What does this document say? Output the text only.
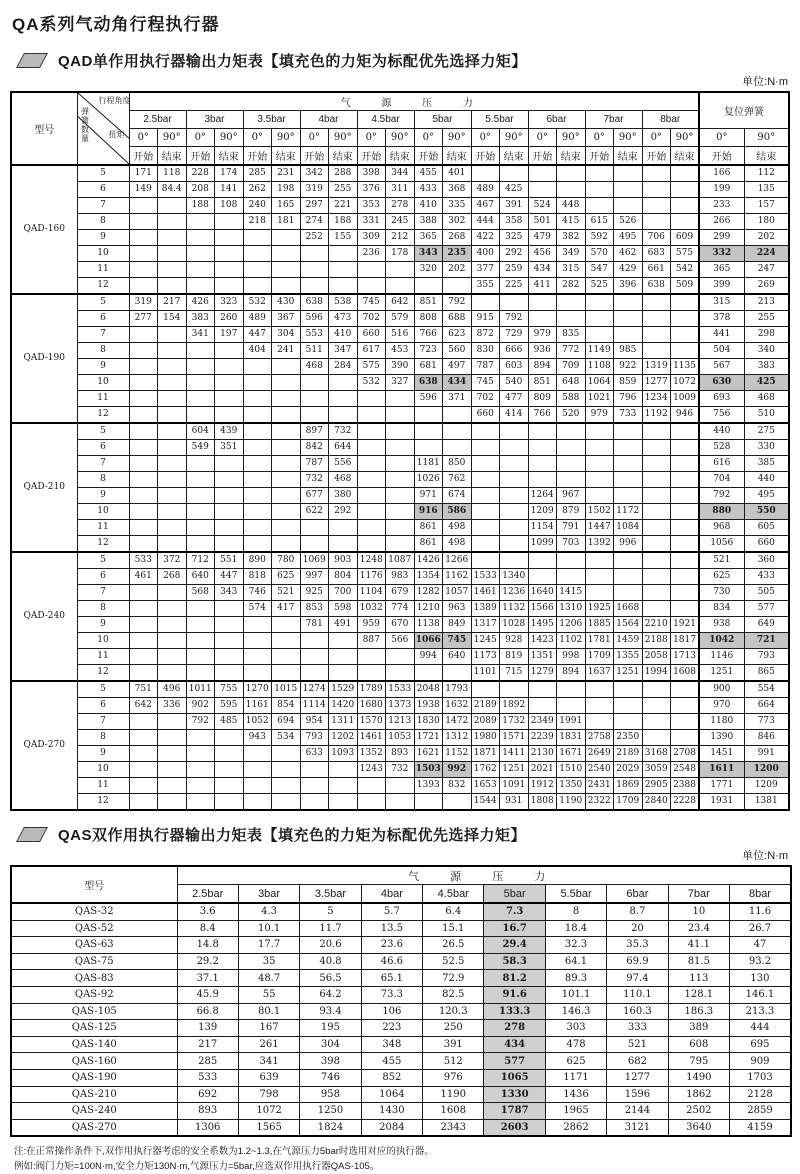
QA系列气动角行程执行器
QAD单作用执行器输出力矩表【填充色的力矩为标配优先选择力矩】
单位:N·m
型号	行程角度
扭矩
弹簧数量	气 源 压 力																				复位弹簧	
		2.5bar		3bar		3.5bar		4bar		4.5bar		5bar		5.5bar		6bar		7bar		8bar			
		0°	90°	0°	90°	0°	90°	0°	90°	0°	90°	0°	90°	0°	90°	0°	90°	0°	90°	0°	90°	0°	90°
		开始	结束	开始	结束	开始	结束	开始	结束	开始	结束	开始	结束	开始	结束	开始	结束	开始	结束	开始	结束	开始	结束
QAD-160	5	171	118	228	174	285	231	342	288	398	344	455	401									166	112
	6	149	84.4	208	141	262	198	319	255	376	311	433	368	489	425							199	135
	7			188	108	240	165	297	221	353	278	410	335	467	391	524	448					233	157
	8					218	181	274	188	331	245	388	302	444	358	501	415	615	526			266	180
	9							252	155	309	212	365	268	422	325	479	382	592	495	706	609	299	202
	10									236	178	343	235	400	292	456	349	570	462	683	575	332	224
	11											320	202	377	259	434	315	547	429	661	542	365	247
	12													355	225	411	282	525	396	638	509	399	269
QAD-190	5	319	217	426	323	532	430	638	538	745	642	851	792									315	213
	6	277	154	383	260	489	367	596	473	702	579	808	688	915	792							378	255
	7			341	197	447	304	553	410	660	516	766	623	872	729	979	835					441	298
	8					404	241	511	347	617	453	723	560	830	666	936	772	1149	985			504	340
	9							468	284	575	390	681	497	787	603	894	709	1108	922	1319	1135	567	383
	10									532	327	638	434	745	540	851	648	1064	859	1277	1072	630	425
	11											596	371	702	477	809	588	1021	796	1234	1009	693	468
	12													660	414	766	520	979	733	1192	946	756	510
QAD-210	5			604	439			897	732													440	275
	6			549	351			842	644													528	330
	7							787	556			1181	850									616	385
	8							732	468			1026	762									704	440
	9							677	380			971	674			1264	967					792	495
	10							622	292			916	586			1209	879	1502	1172			880	550
	11											861	498			1154	791	1447	1084			968	605
	12											861	498			1099	703	1392	996			1056	660
QAD-240	5	533	372	712	551	890	780	1069	903	1248	1087	1426	1266									521	360
	6	461	268	640	447	818	625	997	804	1176	983	1354	1162	1533	1340							625	433
	7			568	343	746	521	925	700	1104	679	1282	1057	1461	1236	1640	1415					730	505
	8					574	417	853	598	1032	774	1210	963	1389	1132	1566	1310	1925	1668			834	577
	9							781	491	959	670	1138	849	1317	1028	1495	1206	1885	1564	2210	1921	938	649
	10									887	566	1066	745	1245	928	1423	1102	1781	1459	2188	1817	1042	721
	11											994	640	1173	819	1351	998	1709	1355	2058	1713	1146	793
	12													1101	715	1279	894	1637	1251	1994	1608	1251	865
QAD-270	5	751	496	1011	755	1270	1015	1274	1529	1789	1533	2048	1793									900	554
	6	642	336	902	595	1161	854	1114	1420	1680	1373	1938	1632	2189	1892							970	664
	7			792	485	1052	694	954	1311	1570	1213	1830	1472	2089	1732	2349	1991					1180	773
	8					943	534	793	1202	1461	1053	1721	1312	1980	1571	2239	1831	2758	2350			1390	846
	9							633	1093	1352	893	1621	1152	1871	1411	2130	1671	2649	2189	3168	2708	1451	991
	10									1243	732	1503	992	1762	1251	2021	1510	2540	2029	3059	2548	1611	1200
	11											1393	832	1653	1091	1912	1350	2431	1869	2905	2388	1771	1209
	12													1544	931	1808	1190	2322	1709	2840	2228	1931	1381
QAS双作用执行器输出力矩表【填充色的力矩为标配优先选择力矩】
单位:N·m
型号	气 源 压 力									
	2.5bar	3bar	3.5bar	4bar	4.5bar	5bar	5.5bar	6bar	7bar	8bar
QAS-32	3.6	4.3	5	5.7	6.4	7.3	8	8.7	10	11.6
QAS-52	8.4	10.1	11.7	13.5	15.1	16.7	18.4	20	23.4	26.7
QAS-63	14.8	17.7	20.6	23.6	26.5	29.4	32.3	35.3	41.1	47
QAS-75	29.2	35	40.8	46.6	52.5	58.3	64.1	69.9	81.5	93.2
QAS-83	37.1	48.7	56.5	65.1	72.9	81.2	89.3	97.4	113	130
QAS-92	45.9	55	64.2	73.3	82.5	91.6	101.1	110.1	128.1	146.1
QAS-105	66.8	80.1	93.4	106	120.3	133.3	146.3	160.3	186.3	213.3
QAS-125	139	167	195	223	250	278	303	333	389	444
QAS-140	217	261	304	348	391	434	478	521	608	695
QAS-160	285	341	398	455	512	577	625	682	795	909
QAS-190	533	639	746	852	976	1065	1171	1277	1490	1703
QAS-210	692	798	958	1064	1190	1330	1436	1596	1862	2128
QAS-240	893	1072	1250	1430	1608	1787	1965	2144	2502	2859
QAS-270	1306	1565	1824	2084	2343	2603	2862	3121	3640	4159
注:在正常操作条件下,双作用执行器考虑的安全系数为1.2~1.3,在气源压力5bar时选用对应的执行器。
例如:阀门力矩=100N·m,安全力矩130N·m,气源压力=5bar,应选双作用执行器QAS-105。
